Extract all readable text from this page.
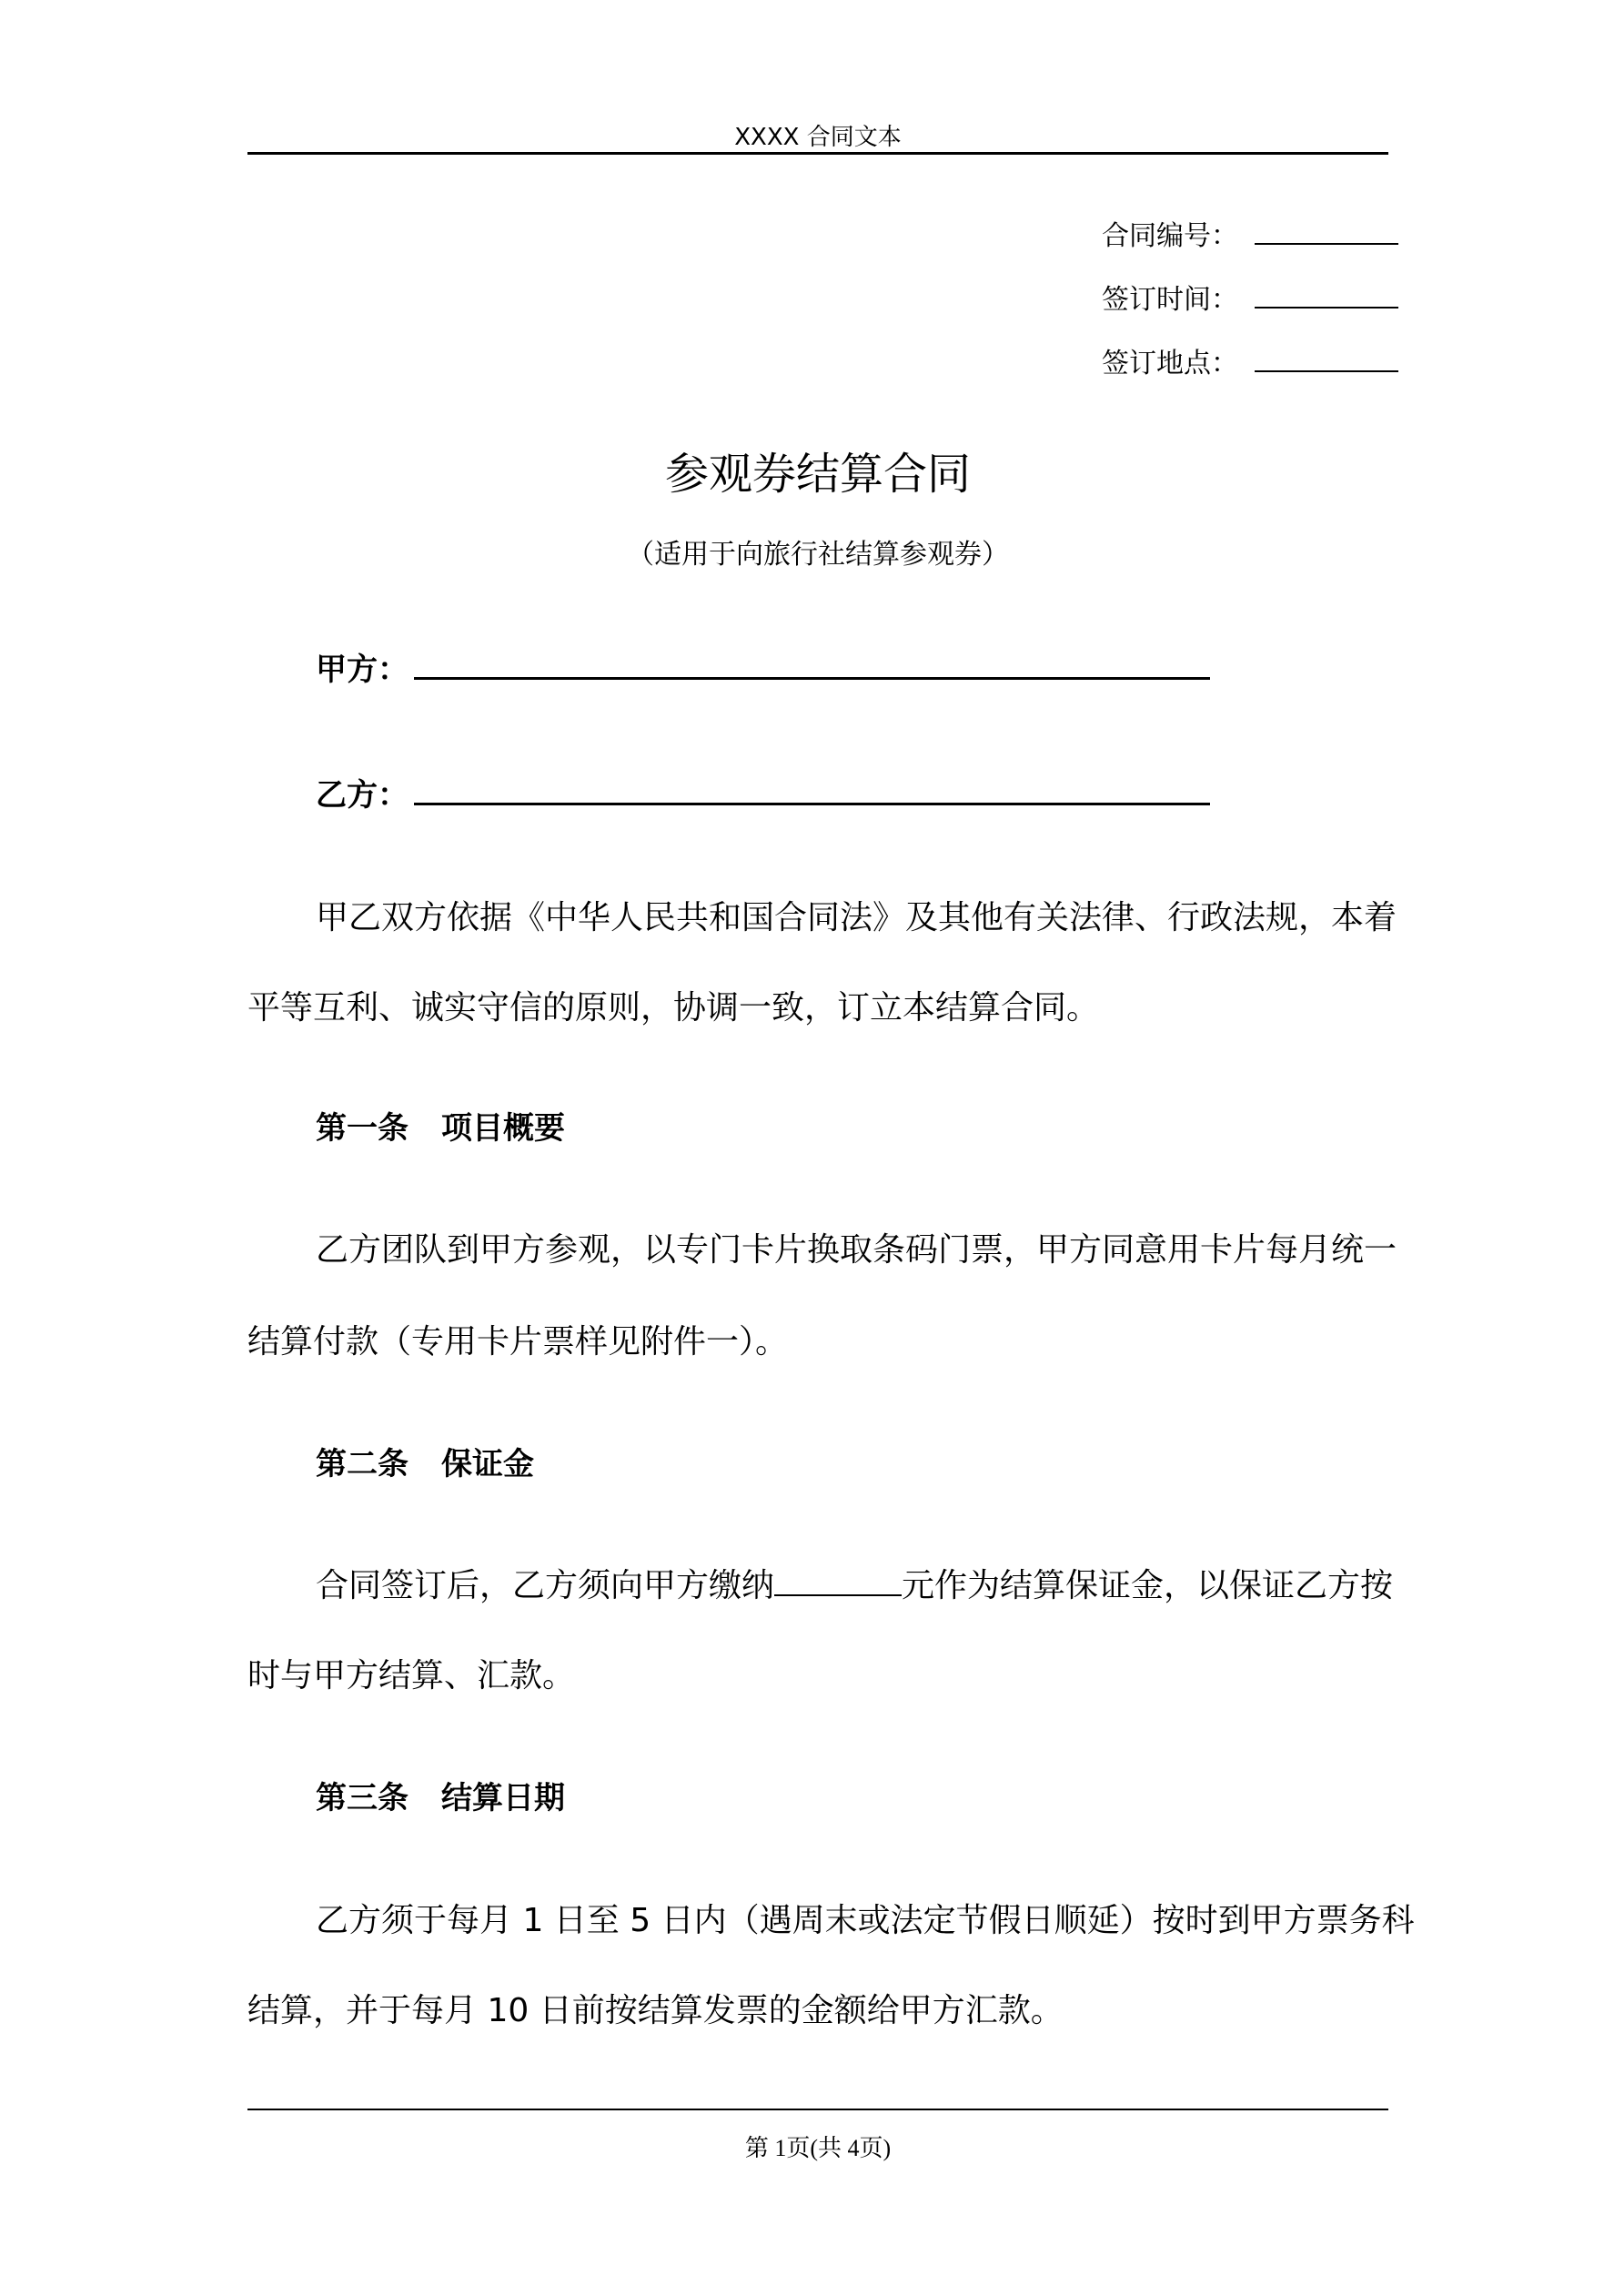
XXXX 合同文本
合同编号：
签订时间：
签订地点：
参观券结算合同
（适用于向旅行社结算参观券）
甲方：
乙方：
甲乙双方依据《中华人民共和国合同法》及其他有关法律、行政法规，本着
平等互利、诚实守信的原则，协调一致，订立本结算合同。
第一条 项目概要
乙方团队到甲方参观，以专门卡片换取条码门票，甲方同意用卡片每月统一
结算付款（专用卡片票样见附件一）。
第二条 保证金
合同签订后，乙方须向甲方缴纳	元作为结算保证金，以保证乙方按
时与甲方结算、汇款。
第三条 结算日期
乙方须于每月 1 日至 5 日内（遇周末或法定节假日顺延）按时到甲方票务科
结算，并于每月 10 日前按结算发票的金额给甲方汇款。
第 1页(共 4页)
